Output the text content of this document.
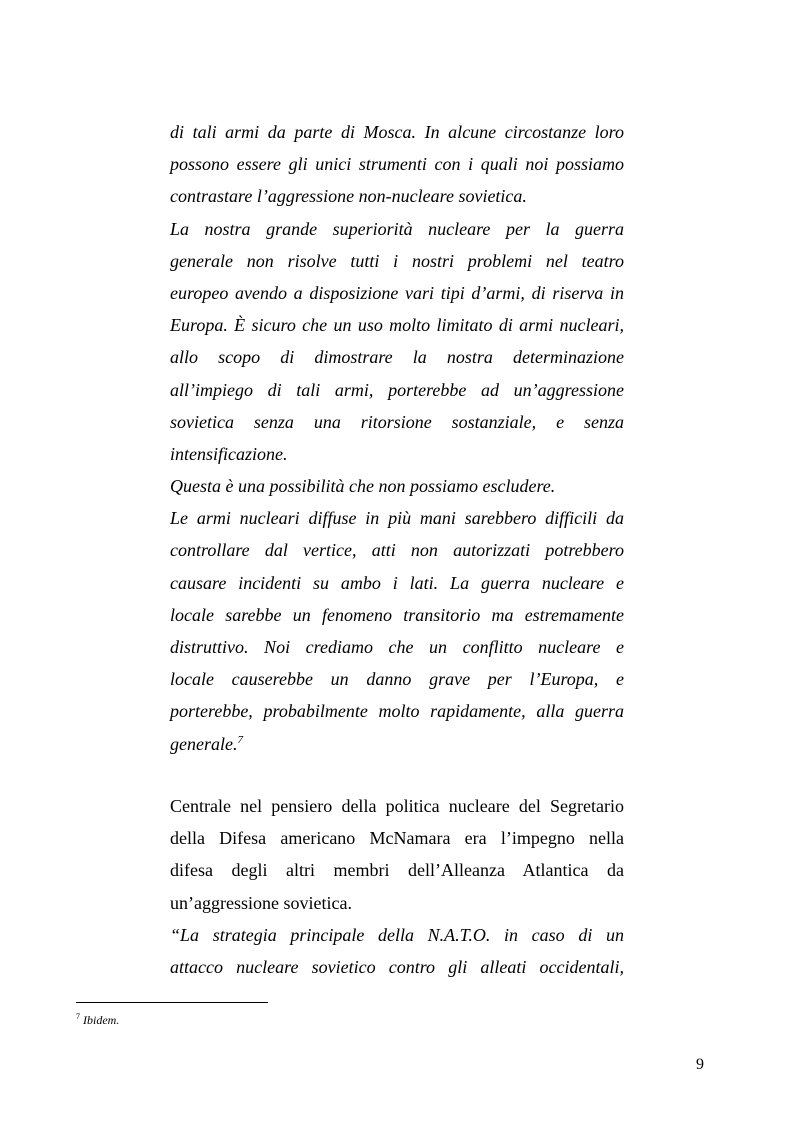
di tali armi da parte di Mosca. In alcune circostanze loro
possono essere gli unici strumenti con i quali noi possiamo
contrastare l’aggressione non-nucleare sovietica.
La nostra grande superiorità nucleare per la guerra
generale non risolve tutti i nostri problemi nel teatro
europeo avendo a disposizione vari tipi d’armi, di riserva in
Europa. È sicuro che un uso molto limitato di armi nucleari,
allo scopo di dimostrare la nostra determinazione
all’impiego di tali armi, porterebbe ad un’aggressione
sovietica senza una ritorsione sostanziale, e senza
intensificazione.
Questa è una possibilità che non possiamo escludere.
Le armi nucleari diffuse in più mani sarebbero difficili da
controllare dal vertice, atti non autorizzati potrebbero
causare incidenti su ambo i lati. La guerra nucleare e
locale sarebbe un fenomeno transitorio ma estremamente
distruttivo. Noi crediamo che un conflitto nucleare e
locale causerebbe un danno grave per l’Europa, e
porterebbe, probabilmente molto rapidamente, alla guerra
generale.$^7$
Centrale nel pensiero della politica nucleare del Segretario
della Difesa americano McNamara era l’impegno nella
difesa degli altri membri dell’Alleanza Atlantica da
un’aggressione sovietica.
“La strategia principale della N.A.T.O. in caso di un
attacco nucleare sovietico contro gli alleati occidentali,
$^7$ Ibidem.
9
